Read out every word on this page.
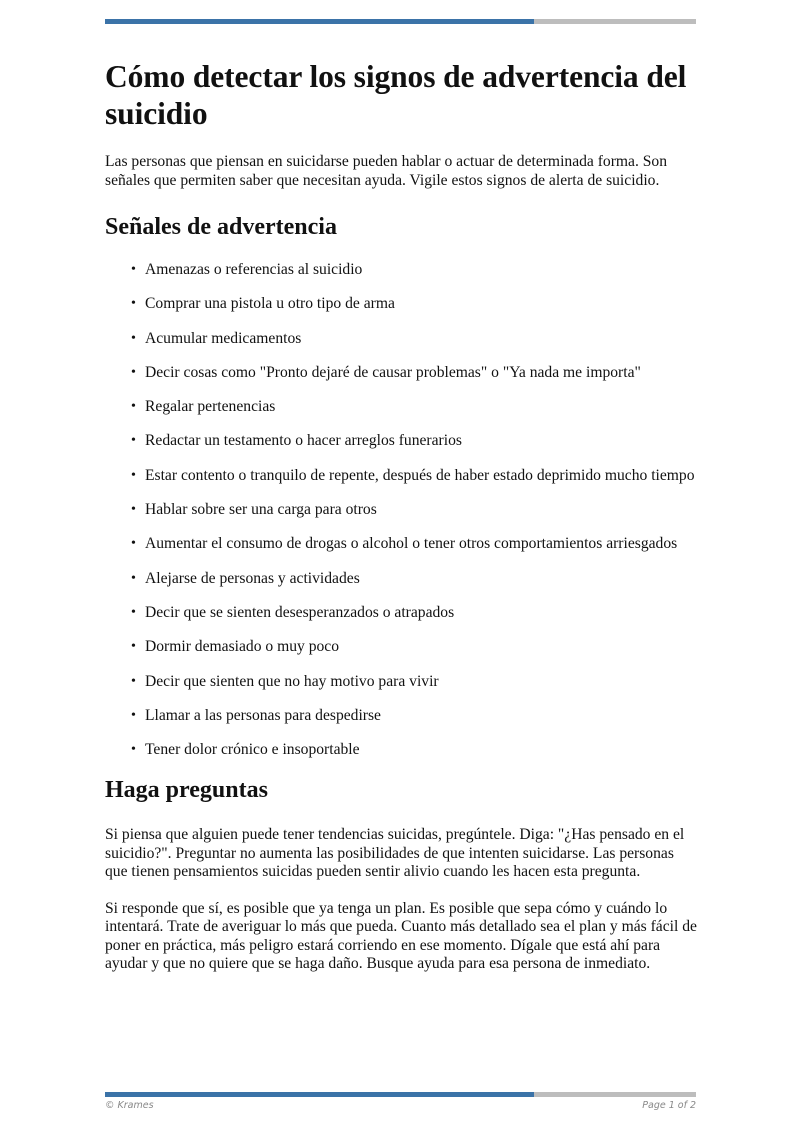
Cómo detectar los signos de advertencia del suicidio

Las personas que piensan en suicidarse pueden hablar o actuar de determinada forma. Son señales que permiten saber que necesitan ayuda. Vigile estos signos de alerta de suicidio.

Señales de advertencia
• Amenazas o referencias al suicidio
• Comprar una pistola u otro tipo de arma
• Acumular medicamentos
• Decir cosas como "Pronto dejaré de causar problemas" o "Ya nada me importa"
• Regalar pertenencias
• Redactar un testamento o hacer arreglos funerarios
• Estar contento o tranquilo de repente, después de haber estado deprimido mucho tiempo
• Hablar sobre ser una carga para otros
• Aumentar el consumo de drogas o alcohol o tener otros comportamientos arriesgados
• Alejarse de personas y actividades
• Decir que se sienten desesperanzados o atrapados
• Dormir demasiado o muy poco
• Decir que sienten que no hay motivo para vivir
• Llamar a las personas para despedirse
• Tener dolor crónico e insoportable
Haga preguntas

Si piensa que alguien puede tener tendencias suicidas, pregúntele. Diga: "¿Has pensado en el suicidio?". Preguntar no aumenta las posibilidades de que intenten suicidarse. Las personas que tienen pensamientos suicidas pueden sentir alivio cuando les hacen esta pregunta.

Si responde que sí, es posible que ya tenga un plan. Es posible que sepa cómo y cuándo lo intentará. Trate de averiguar lo más que pueda. Cuanto más detallado sea el plan y más fácil de poner en práctica, más peligro estará corriendo en ese momento. Dígale que está ahí para ayudar y que no quiere que se haga daño. Busque ayuda para esa persona de inmediato.

© Krames	Page 1 of 2
